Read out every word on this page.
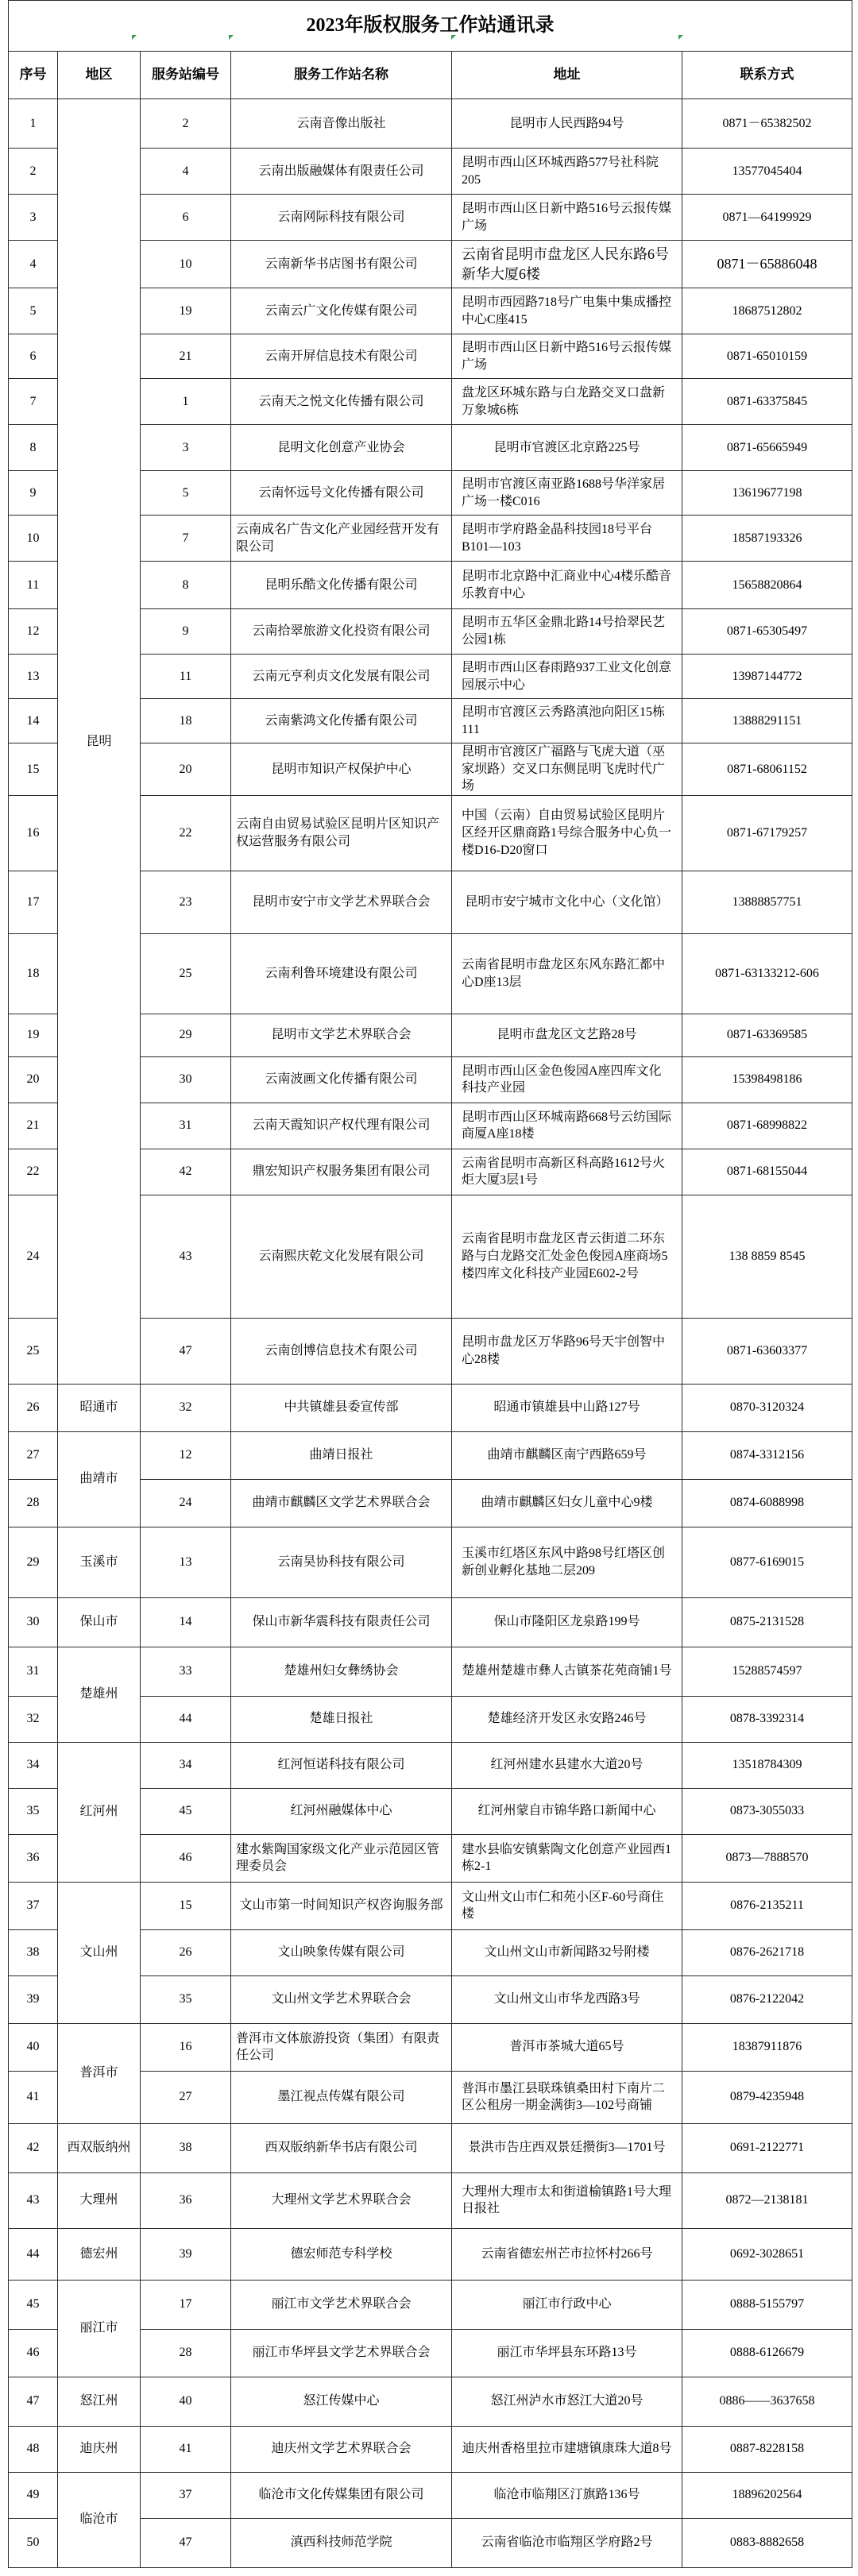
2023年版权服务工作站通讯录					
序号	地区	服务站编号	服务工作站名称	地址	联系方式
1	昆明	2	云南音像出版社	昆明市人民西路94号	0871－65382502
2		4	云南出版融媒体有限责任公司	昆明市西山区环城西路577号社科院205	13577045404
3		6	云南网际科技有限公司	昆明市西山区日新中路516号云报传媒广场	0871—64199929
4		10	云南新华书店图书有限公司	云南省昆明市盘龙区人民东路6号新华大厦6楼	0871－65886048
5		19	云南云广文化传媒有限公司	昆明市西园路718号广电集中集成播控中心C座415	18687512802
6		21	云南开屏信息技术有限公司	昆明市西山区日新中路516号云报传媒广场	0871-65010159
7		1	云南天之悦文化传播有限公司	盘龙区环城东路与白龙路交叉口盘新万象城6栋	0871-63375845
8		3	昆明文化创意产业协会	昆明市官渡区北京路225号	0871-65665949
9		5	云南怀远号文化传播有限公司	昆明市官渡区南亚路1688号华洋家居广场一楼C016	13619677198
10		7	云南成名广告文化产业园经营开发有限公司	昆明市学府路金晶科技园18号平台B101—103	18587193326
11		8	昆明乐酷文化传播有限公司	昆明市北京路中汇商业中心4楼乐酷音乐教育中心	15658820864
12		9	云南拾翠旅游文化投资有限公司	昆明市五华区金鼎北路14号拾翠民艺公园1栋	0871-65305497
13		11	云南元亨利贞文化发展有限公司	昆明市西山区春雨路937工业文化创意园展示中心	13987144772
14		18	云南紫鸿文化传播有限公司	昆明市官渡区云秀路滇池向阳区15栋111	13888291151
15		20	昆明市知识产权保护中心	昆明市官渡区广福路与飞虎大道（巫家坝路）交叉口东侧昆明飞虎时代广场	0871-68061152
16		22	云南自由贸易试验区昆明片区知识产权运营服务有限公司	中国（云南）自由贸易试验区昆明片区经开区鼎商路1号综合服务中心负一楼D16-D20窗口	0871-67179257
17		23	昆明市安宁市文学艺术界联合会	昆明市安宁城市文化中心（文化馆）	13888857751
18		25	云南利鲁环境建设有限公司	云南省昆明市盘龙区东风东路汇都中心D座13层	0871-63133212-606
19		29	昆明市文学艺术界联合会	昆明市盘龙区文艺路28号	0871-63369585
20		30	云南波画文化传播有限公司	昆明市西山区金色俊园A座四库文化科技产业园	15398498186
21		31	云南天霞知识产权代理有限公司	昆明市西山区环城南路668号云纺国际商厦A座18楼	0871-68998822
22		42	鼎宏知识产权服务集团有限公司	云南省昆明市高新区科高路1612号火炬大厦3层1号	0871-68155044
24		43	云南熙庆乾文化发展有限公司	云南省昆明市盘龙区青云街道二环东路与白龙路交汇处金色俊园A座商场5楼四库文化科技产业园E602-2号	138 8859 8545
25		47	云南创博信息技术有限公司	昆明市盘龙区万华路96号天宇创智中心28楼	0871-63603377
26	昭通市	32	中共镇雄县委宣传部	昭通市镇雄县中山路127号	0870-3120324
27	曲靖市	12	曲靖日报社	曲靖市麒麟区南宁西路659号	0874-3312156
28		24	曲靖市麒麟区文学艺术界联合会	曲靖市麒麟区妇女儿童中心9楼	0874-6088998
29	玉溪市	13	云南昊协科技有限公司	玉溪市红塔区东风中路98号红塔区创新创业孵化基地二层209	0877-6169015
30	保山市	14	保山市新华震科技有限责任公司	保山市隆阳区龙泉路199号	0875-2131528
31	楚雄州	33	楚雄州妇女彝绣协会	楚雄州楚雄市彝人古镇茶花苑商铺1号	15288574597
32		44	楚雄日报社	楚雄经济开发区永安路246号	0878-3392314
34	红河州	34	红河恒诺科技有限公司	红河州建水县建水大道20号	13518784309
35		45	红河州融媒体中心	红河州蒙自市锦华路口新闻中心	0873-3055033
36		46	建水紫陶国家级文化产业示范园区管理委员会	建水县临安镇紫陶文化创意产业园西1栋2-1	0873—7888570
37	文山州	15	文山市第一时间知识产权咨询服务部	文山州文山市仁和苑小区F-60号商住楼	0876-2135211
38		26	文山映象传媒有限公司	文山州文山市新闻路32号附楼	0876-2621718
39		35	文山州文学艺术界联合会	文山州文山市华龙西路3号	0876-2122042
40	普洱市	16	普洱市文体旅游投资（集团）有限责任公司	普洱市茶城大道65号	18387911876
41		27	墨江视点传媒有限公司	普洱市墨江县联珠镇桑田村下南片二区公租房一期金满街3—102号商铺	0879-4235948
42	西双版纳州	38	西双版纳新华书店有限公司	景洪市告庄西双景廷攒街3—1701号	0691-2122771
43	大理州	36	大理州文学艺术界联合会	大理州大理市太和街道榆镇路1号大理日报社	0872—2138181
44	德宏州	39	德宏师范专科学校	云南省德宏州芒市拉怀村266号	0692-3028651
45	丽江市	17	丽江市文学艺术界联合会	丽江市行政中心	0888-5155797
46		28	丽江市华坪县文学艺术界联合会	丽江市华坪县东环路13号	0888-6126679
47	怒江州	40	怒江传媒中心	怒江州泸水市怒江大道20号	0886——3637658
48	迪庆州	41	迪庆州文学艺术界联合会	迪庆州香格里拉市建塘镇康珠大道8号	0887-8228158
49	临沧市	37	临沧市文化传媒集团有限公司	临沧市临翔区汀旗路136号	18896202564
50		47	滇西科技师范学院	云南省临沧市临翔区学府路2号	0883-8882658
